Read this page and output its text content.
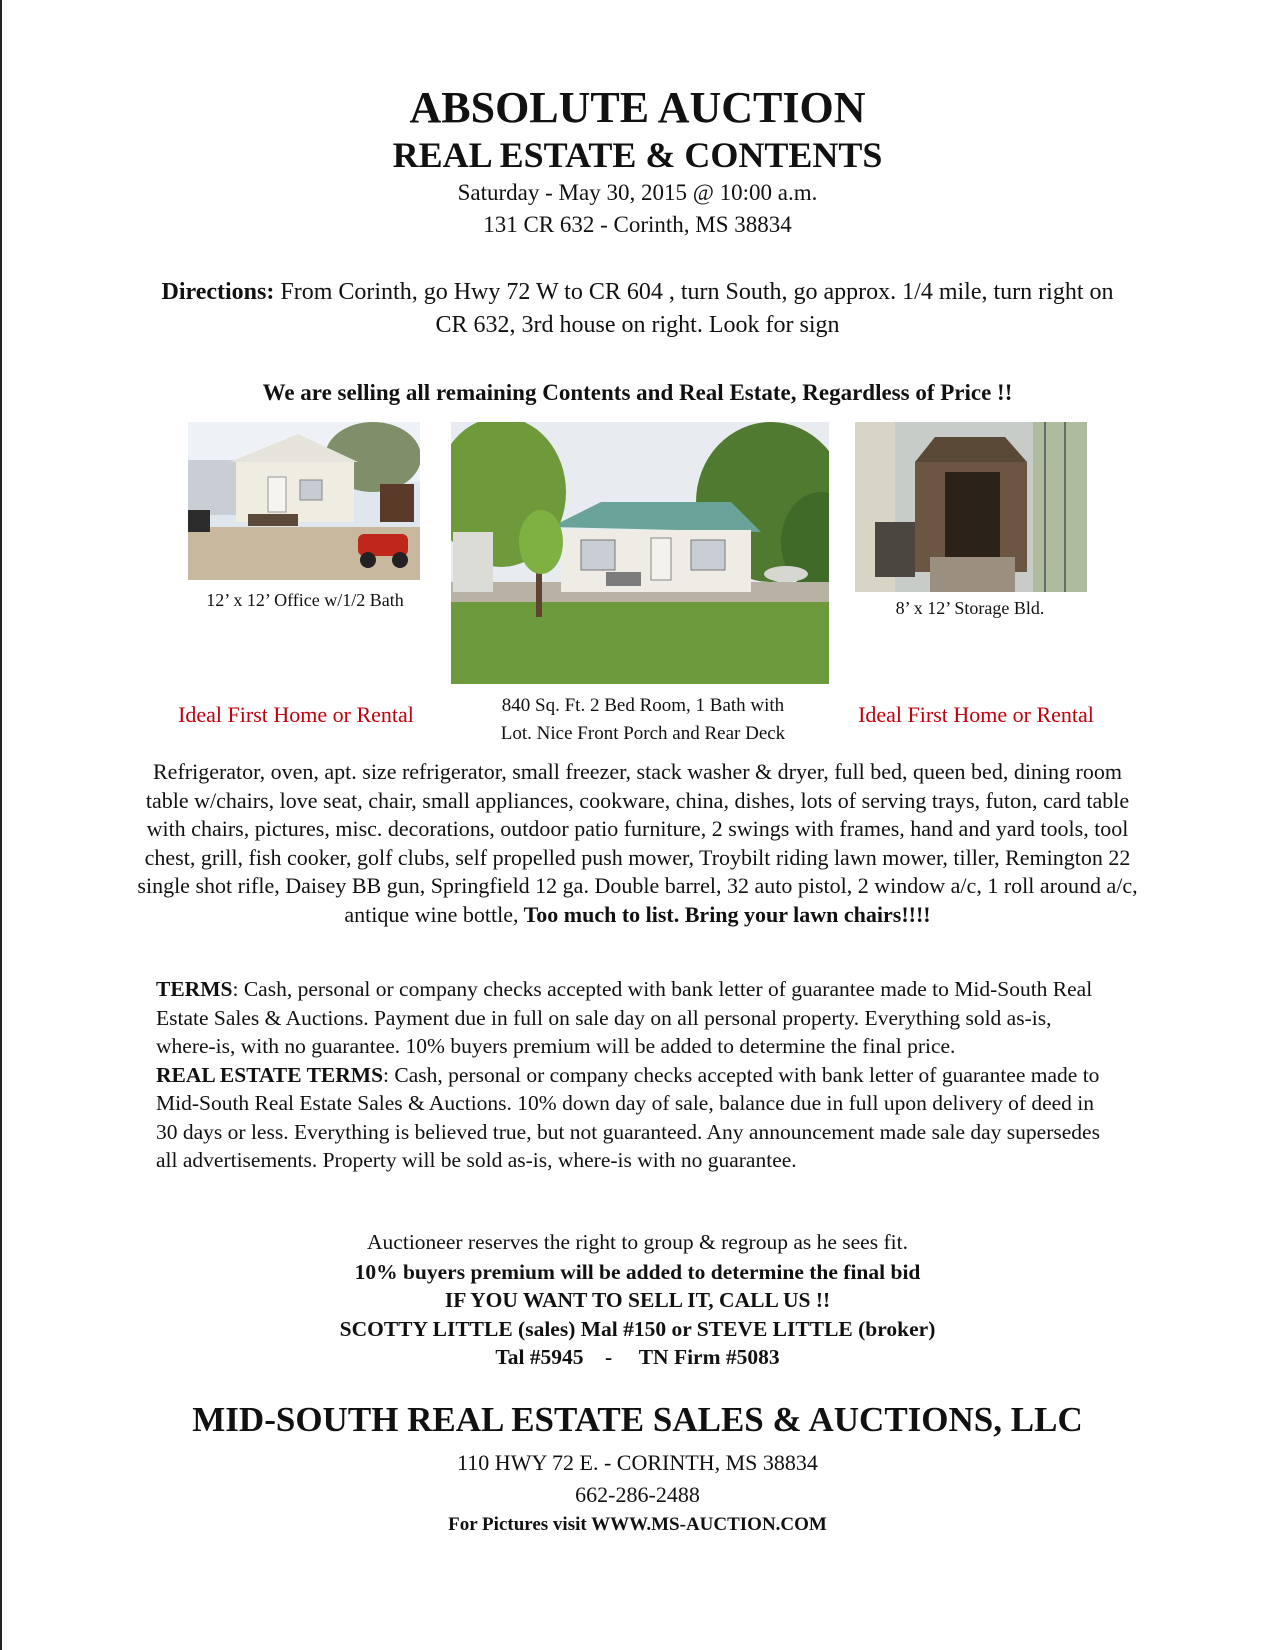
ABSOLUTE AUCTION
REAL ESTATE & CONTENTS
Saturday - May 30, 2015 @ 10:00 a.m.
131 CR 632 - Corinth, MS 38834
Directions: From Corinth, go Hwy 72 W to CR 604 , turn South, go approx. 1/4 mile, turn right on CR 632, 3rd house on right. Look for sign
We are selling all remaining Contents and Real Estate, Regardless of Price !!
12’ x 12’ Office w/1/2 Bath	8’ x 12’ Storage Bld.
840 Sq. Ft. 2 Bed Room, 1 Bath with
Lot. Nice Front Porch and Rear Deck
Ideal First Home or Rental	Ideal First Home or Rental
Refrigerator, oven, apt. size refrigerator, small freezer, stack washer & dryer, full bed, queen bed, dining room table w/chairs, love seat, chair, small appliances, cookware, china, dishes, lots of serving trays, futon, card table with chairs, pictures, misc. decorations, outdoor patio furniture, 2 swings with frames, hand and yard tools, tool chest, grill, fish cooker, golf clubs, self propelled push mower, Troybilt riding lawn mower, tiller, Remington 22 single shot rifle, Daisey BB gun, Springfield 12 ga. Double barrel, 32 auto pistol, 2 window a/c, 1 roll around a/c, antique wine bottle, Too much to list. Bring your lawn chairs!!!!
TERMS: Cash, personal or company checks accepted with bank letter of guarantee made to Mid-South Real Estate Sales & Auctions. Payment due in full on sale day on all personal property. Everything sold as-is, where-is, with no guarantee. 10% buyers premium will be added to determine the final price.
REAL ESTATE TERMS: Cash, personal or company checks accepted with bank letter of guarantee made to Mid-South Real Estate Sales & Auctions. 10% down day of sale, balance due in full upon delivery of deed in 30 days or less. Everything is believed true, but not guaranteed. Any announcement made sale day supersedes all advertisements. Property will be sold as-is, where-is with no guarantee.
Auctioneer reserves the right to group & regroup as he sees fit.
10% buyers premium will be added to determine the final bid
IF YOU WANT TO SELL IT, CALL US !!
SCOTTY LITTLE (sales) Mal #150 or STEVE LITTLE (broker)
Tal #5945    -     TN Firm #5083
MID-SOUTH REAL ESTATE SALES & AUCTIONS, LLC
110 HWY 72 E. - CORINTH, MS 38834
662-286-2488
For Pictures visit WWW.MS-AUCTION.COM
